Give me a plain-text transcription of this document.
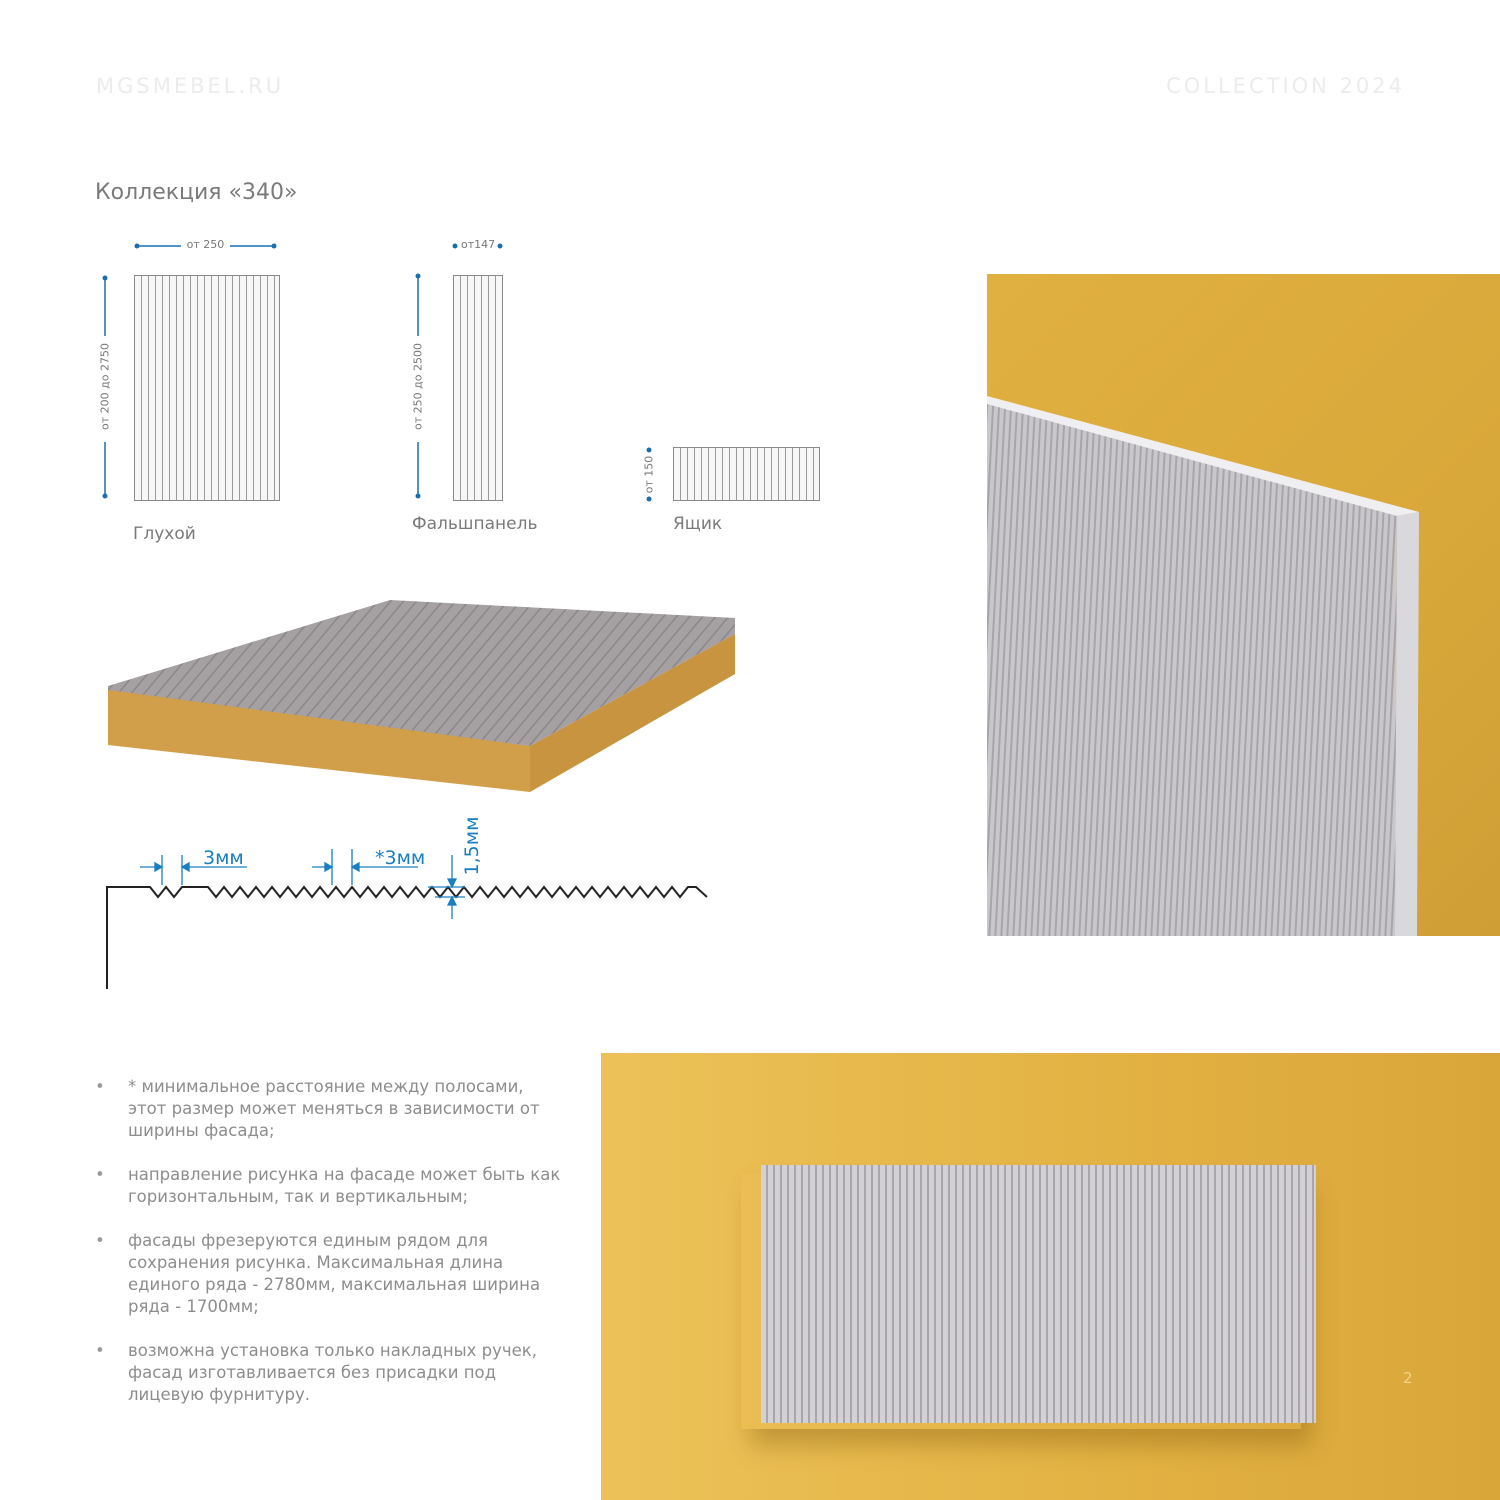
MGSMEBEL.RU	COLLECTION 2024
Коллекция «340»
от 250
от 200 до 2750
Глухой
от147
от 250 до 2500
Фальшпанель
от 150
Ящик
3мм	*3мм 1,5мм
2
• * минимальное расстояние между полосами, этот размер может меняться в зависимости от ширины фасада;
• направление рисунка на фасаде может быть как горизонтальным, так и вертикальным;
• фасады фрезеруются единым рядом для сохранения рисунка. Максимальная длина единого ряда - 2780мм, максимальная ширина ряда - 1700мм;
• возможна установка только накладных ручек, фасад изготавливается без присадки под лицевую фурнитуру.
